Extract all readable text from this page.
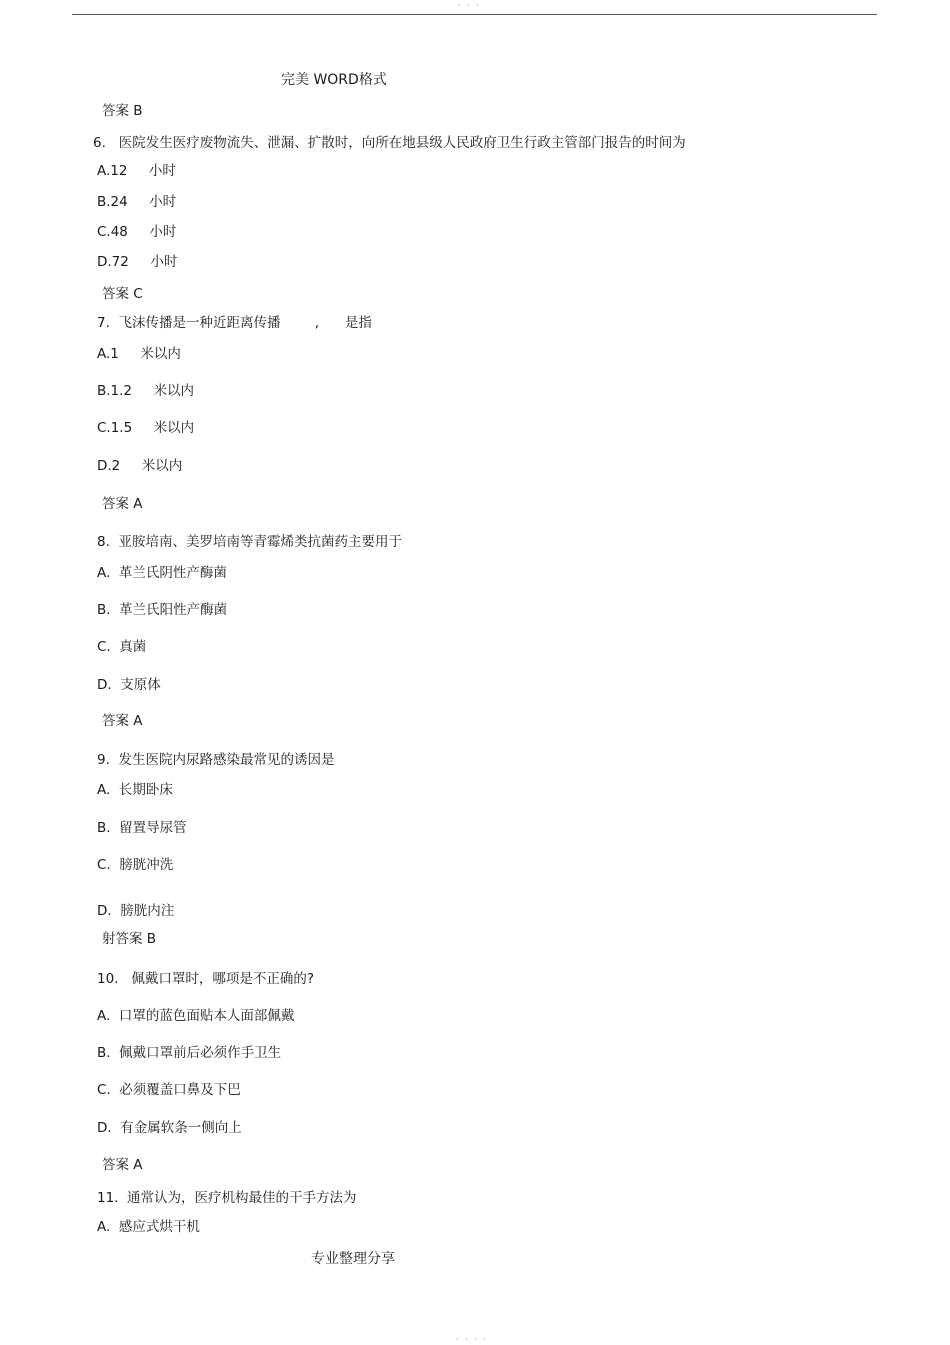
· · ·
完美 WORD格式
答案 B
6.   医院发生医疗废物流失、泄漏、扩散时，向所在地县级人民政府卫生行政主管部门报告的时间为
A.12     小时
B.24     小时
C.48     小时
D.72     小时
答案 C
7.  飞沫传播是一种近距离传播        ,      是指
A.1     米以内
B.1.2     米以内
C.1.5     米以内
D.2     米以内
答案 A
8.  亚胺培南、美罗培南等青霉烯类抗菌药主要用于
A.  革兰氏阴性产酶菌
B.  革兰氏阳性产酶菌
C.  真菌
D.  支原体
答案 A
9.  发生医院内尿路感染最常见的诱因是
A.  长期卧床
B.  留置导尿管
C.  膀胱冲洗
D.  膀胱内注
射答案 B
10.   佩戴口罩时，哪项是不正确的?
A.  口罩的蓝色面贴本人面部佩戴
B.  佩戴口罩前后必须作手卫生
C.  必须覆盖口鼻及下巴
D.  有金属软条一侧向上
答案 A
11.  通常认为，医疗机构最佳的干手方法为
A.  感应式烘干机
专业整理分享
· · · ·
